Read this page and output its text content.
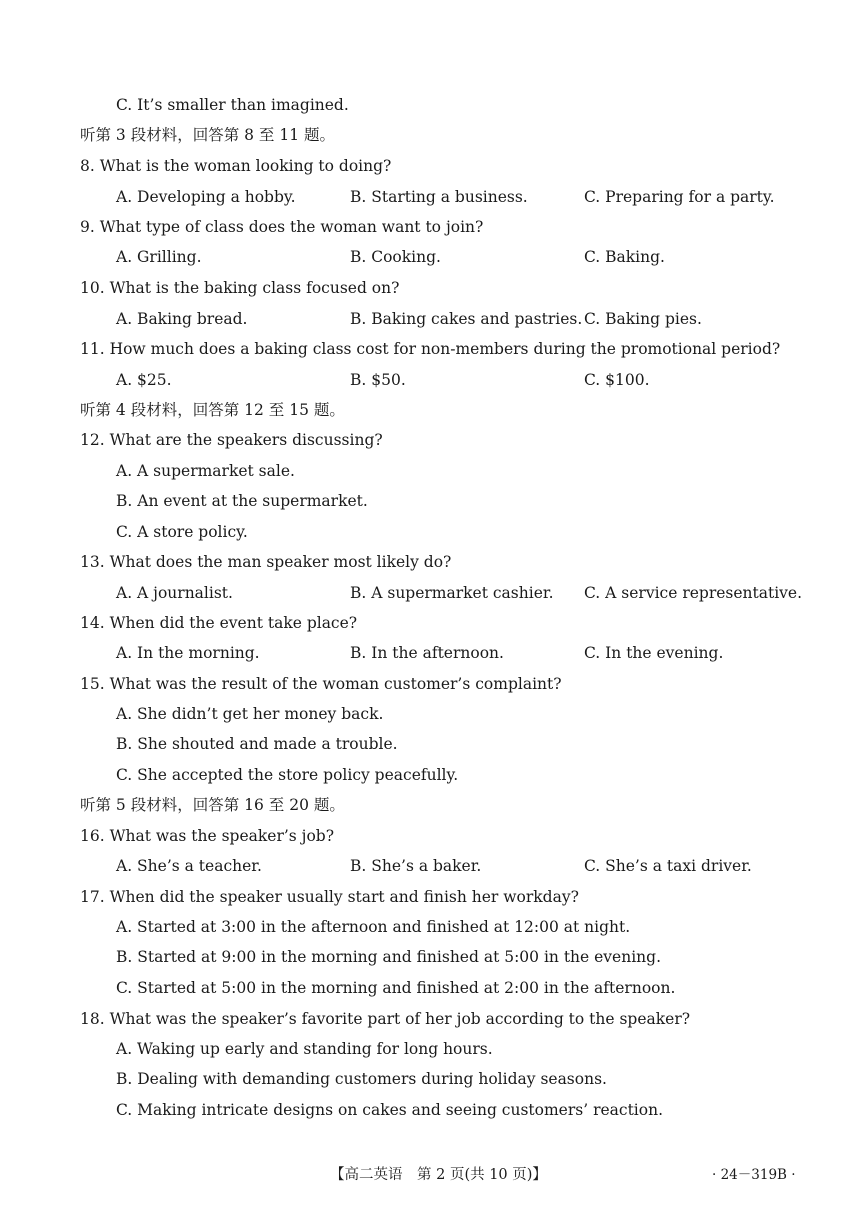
C. It’s smaller than imagined.
听第 3 段材料，回答第 8 至 11 题。
8. What is the woman looking to doing?
A. Developing a hobby.	B. Starting a business.	C. Preparing for a party.
9. What type of class does the woman want to join?
A. Grilling.	B. Cooking.	C. Baking.
10. What is the baking class focused on?
A. Baking bread.	B. Baking cakes and pastries. C. Baking pies.
11. How much does a baking class cost for non-members during the promotional period?
A. $25.	B. $50.	C. $100.
听第 4 段材料，回答第 12 至 15 题。
12. What are the speakers discussing?
A. A supermarket sale.
B. An event at the supermarket.
C. A store policy.
13. What does the man speaker most likely do?
A. A journalist.	B. A supermarket cashier. C. A service representative.
14. When did the event take place?
A. In the morning.	B. In the afternoon.	C. In the evening.
15. What was the result of the woman customer’s complaint?
A. She didn’t get her money back.
B. She shouted and made a trouble.
C. She accepted the store policy peacefully.
听第 5 段材料，回答第 16 至 20 题。
16. What was the speaker’s job?
A. She’s a teacher.	B. She’s a baker.	C. She’s a taxi driver.
17. When did the speaker usually start and finish her workday?
A. Started at 3:00 in the afternoon and finished at 12:00 at night.
B. Started at 9:00 in the morning and finished at 5:00 in the evening.
C. Started at 5:00 in the morning and finished at 2:00 in the afternoon.
18. What was the speaker’s favorite part of her job according to the speaker?
A. Waking up early and standing for long hours.
B. Dealing with demanding customers during holiday seasons.
C. Making intricate designs on cakes and seeing customers’ reaction.
【高二英语　第 2 页(共 10 页)】	· 24－319B ·
